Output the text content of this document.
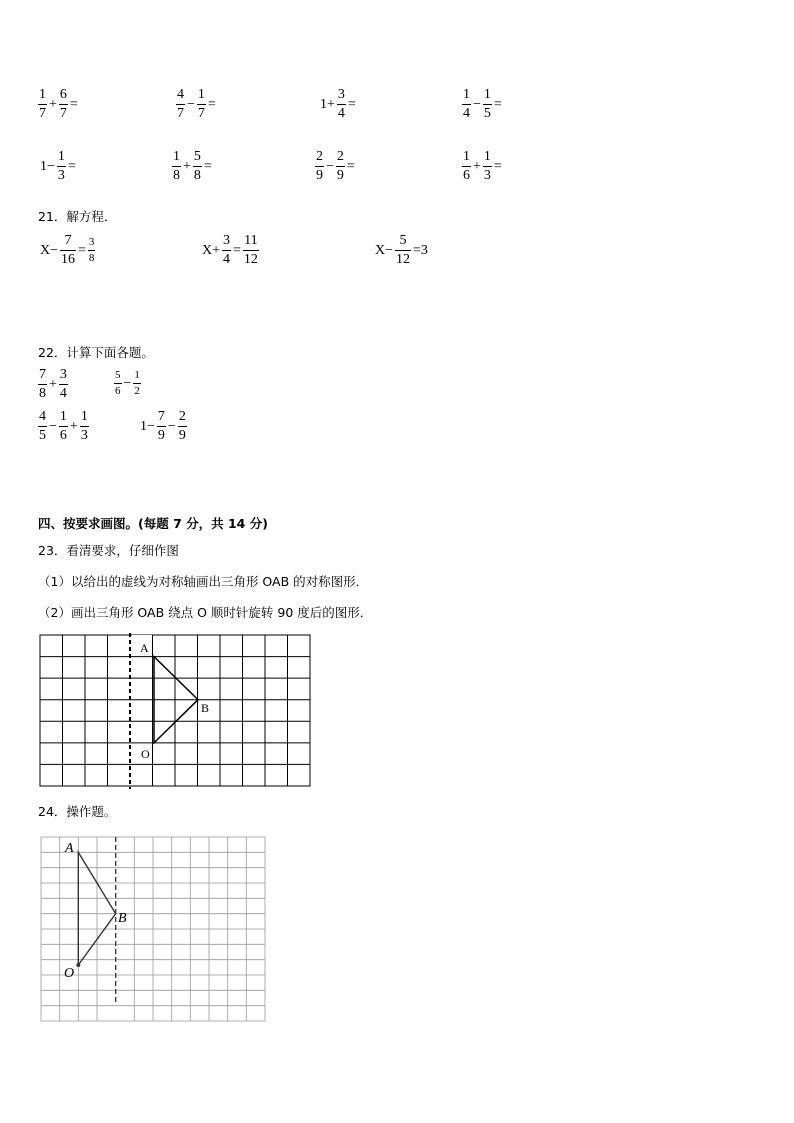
$\frac{1}{7} + \frac{6}{7}$ =	$\frac{4}{7} - \frac{1}{7}$ =	$1+ \frac{3}{4}$ =	$\frac{1}{4} - \frac{1}{5}$ =
$1- \frac{1}{3}$ =	$\frac{1}{8} + \frac{5}{8}$ =	$\frac{2}{9} - \frac{2}{9}$ =	$\frac{1}{6} + \frac{1}{3}$ =
21．解方程．
$X- \frac{7}{16} = \frac{3}{8}$	$X+ \frac{3}{4} = \frac{11}{12}$	$X- \frac{5}{12} =3$
22．计算下面各题。
$\frac{7}{8} + \frac{3}{4}$	$\frac{5}{6} - \frac{1}{2}$
$\frac{4}{5} - \frac{1}{6} + \frac{1}{3}$	$1- \frac{7}{9} - \frac{2}{9}$
四、按要求画图。(每题 7 分，共 14 分)
23．看清要求，仔细作图
（1）以给出的虚线为对称轴画出三角形 OAB 的对称图形．
（2）画出三角形 OAB 绕点 O 顺时针旋转 90 度后的图形．
A
B
O
24．操作题。
A
B
O
